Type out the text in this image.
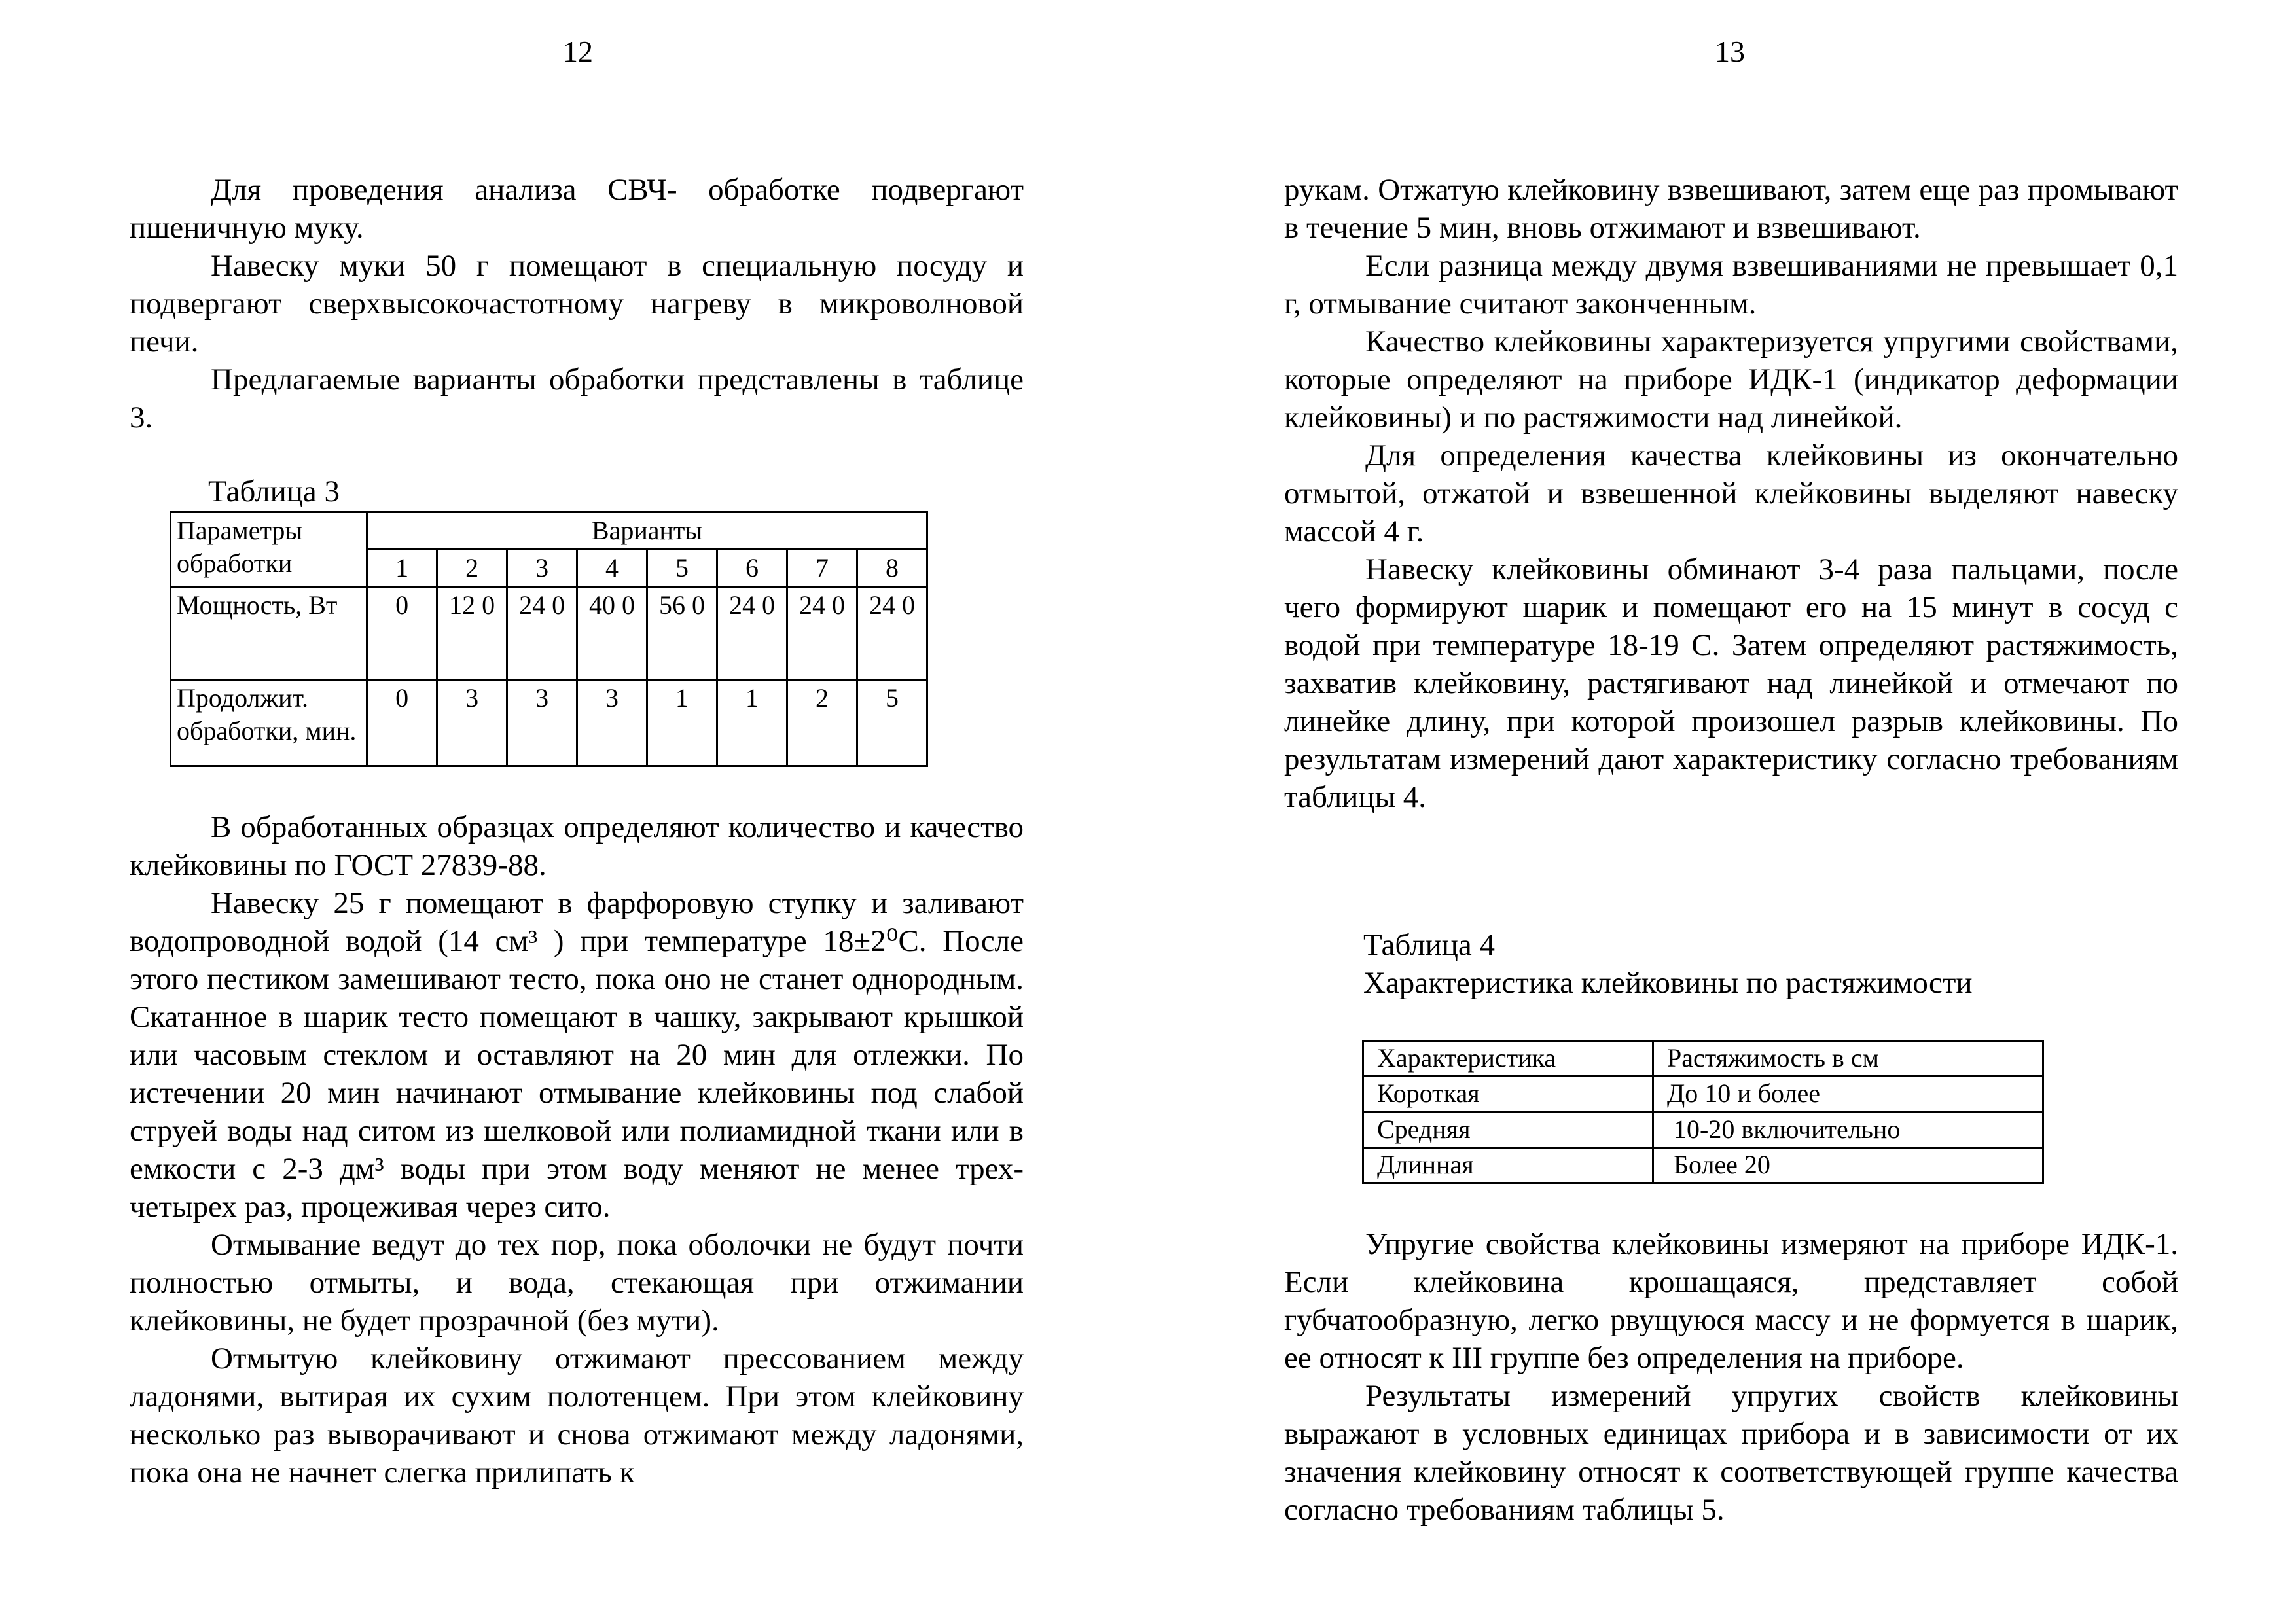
12

Для проведения анализа СВЧ- обработке подвергают пшеничную муку.

Навеску муки 50 г помещают в специальную посуду и подвергают сверхвысокочастотному нагреву в микроволновой печи.

Предлагаемые варианты обработки представлены в таблице 3.

Таблица 3
Параметры обработки	Варианты							
	1	2	3	4	5	6	7	8
Мощность, Вт	0	12 0	24 0	40 0	56 0	24 0	24 0	24 0
Продолжит. обработки, мин.	0	3	3	3	1	1	2	5

В обработанных образцах определяют количество и качество клейковины по ГОСТ 27839-88.

Навеску 25 г помещают в фарфоровую ступку и заливают водопроводной водой (14 см³ ) при температуре 18±2⁰С. После этого пестиком замешивают тесто, пока оно не станет однородным. Скатанное в шарик тесто помещают в чашку, закрывают крышкой или часовым стеклом и оставляют на 20 мин для отлежки. По истечении 20 мин начинают отмывание клейковины под слабой струей воды над ситом из шелковой или полиамидной ткани или в емкости с 2-3 дм³ воды при этом воду меняют не менее трех-четырех раз, процеживая через сито.

Отмывание ведут до тех пор, пока оболочки не будут почти полностью отмыты, и вода, стекающая при отжимании клейковины, не будет прозрачной (без мути).

Отмытую клейковину отжимают прессованием между ладонями, вытирая их сухим полотенцем. При этом клейковину несколько раз выворачивают и снова отжимают между ладонями, пока она не начнет слегка прилипать к

13

рукам. Отжатую клейковину взвешивают, затем еще раз промывают в течение 5 мин, вновь отжимают и взвешивают.

Если разница между двумя взвешиваниями не превышает 0,1 г, отмывание считают законченным.

Качество клейковины характеризуется упругими свойствами, которые определяют на приборе ИДК-1 (индикатор деформации клейковины) и по растяжимости над линейкой.

Для определения качества клейковины из окончательно отмытой, отжатой и взвешенной клейковины выделяют навеску массой 4 г.

Навеску клейковины обминают 3-4 раза пальцами, после чего формируют шарик и помещают его на 15 минут в сосуд с водой при температуре 18-19 С. Затем определяют растяжимость, захватив клейковину, растягивают над линейкой и отмечают по линейке длину, при которой произошел разрыв клейковины. По результатам измерений дают характеристику согласно требованиям таблицы 4.

Таблица 4
Характеристика клейковины по растяжимости
Характеристика	Растяжимость в см
Короткая	До 10 и более
Средняя	10-20 включительно
Длинная	Более 20

Упругие свойства клейковины измеряют на приборе ИДК-1. Если клейковина крошащаяся, представляет собой губчатообразную, легко рвущуюся массу и не формуется в шарик, ее относят к III группе без определения на приборе.

Результаты измерений упругих свойств клейковины выражают в условных единицах прибора и в зависимости от их значения клейковину относят к соответствующей группе качества согласно требованиям таблицы 5.
